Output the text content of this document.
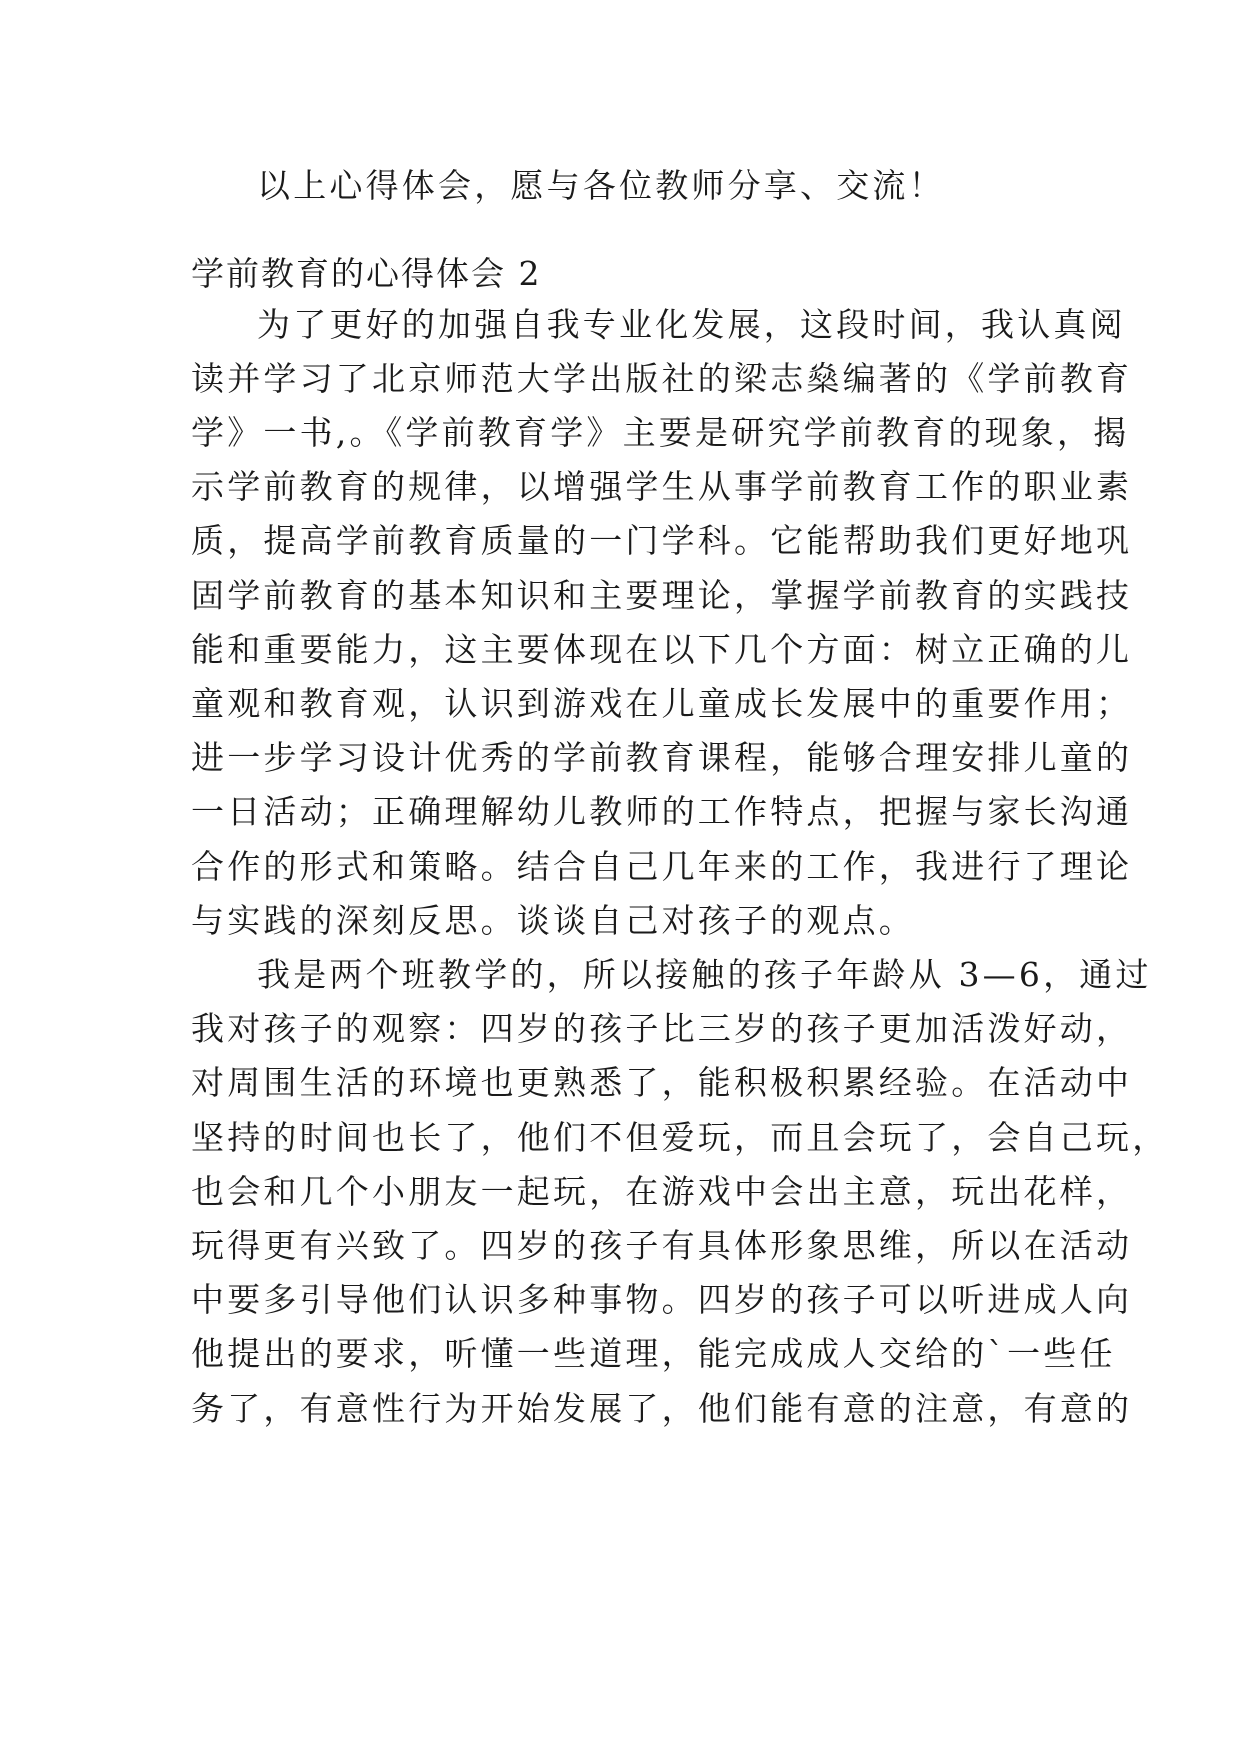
以上心得体会，愿与各位教师分享、交流！
学前教育的心得体会 2
为了更好的加强自我专业化发展，这段时间，我认真阅
读并学习了北京师范大学出版社的梁志燊编著的《学前教育
学》一书,。《学前教育学》主要是研究学前教育的现象，揭
示学前教育的规律，以增强学生从事学前教育工作的职业素
质，提高学前教育质量的一门学科。它能帮助我们更好地巩
固学前教育的基本知识和主要理论，掌握学前教育的实践技
能和重要能力，这主要体现在以下几个方面：树立正确的儿
童观和教育观，认识到游戏在儿童成长发展中的重要作用；
进一步学习设计优秀的学前教育课程，能够合理安排儿童的
一日活动；正确理解幼儿教师的工作特点，把握与家长沟通
合作的形式和策略。结合自己几年来的工作，我进行了理论
与实践的深刻反思。谈谈自己对孩子的观点。
我是两个班教学的，所以接触的孩子年龄从 3—6，通过
我对孩子的观察：四岁的孩子比三岁的孩子更加活泼好动，
对周围生活的环境也更熟悉了，能积极积累经验。在活动中
坚持的时间也长了，他们不但爱玩，而且会玩了，会自己玩，
也会和几个小朋友一起玩，在游戏中会出主意，玩出花样，
玩得更有兴致了。四岁的孩子有具体形象思维，所以在活动
中要多引导他们认识多种事物。四岁的孩子可以听进成人向
他提出的要求，听懂一些道理，能完成成人交给的`一些任
务了，有意性行为开始发展了，他们能有意的注意，有意的
